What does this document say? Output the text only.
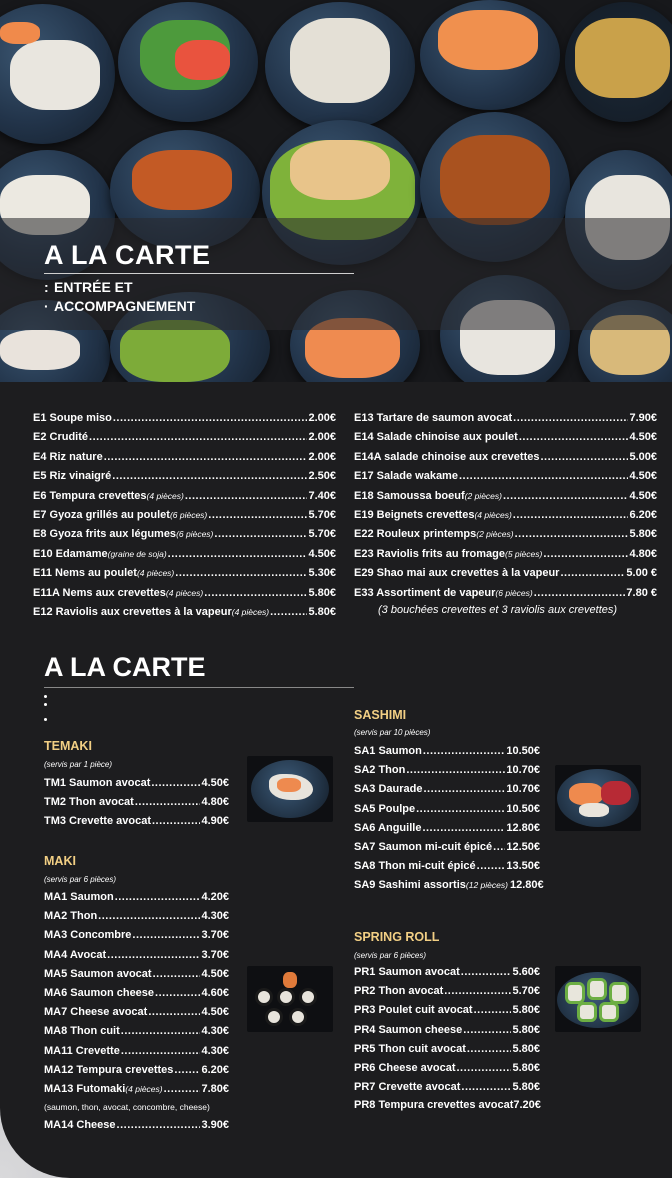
A LA CARTE
: ENTRÉE ET
· ACCOMPAGNEMENT
E1 Soupe miso .....	2.00€
E2 Crudité .....	2.00€
E4 Riz nature .....	2.00€
E5 Riz vinaigré .....	2.50€
E6 Tempura crevettes (4 pièces) .....	7.40€
E7 Gyoza grillés au poulet (6 pièces) .....	5.70€
E8 Gyoza frits aux légumes (6 pièces) .....	5.70€
E10 Edamame (graine de soja) .....	4.50€
E11 Nems au poulet (4 pièces) .....	5.30€
E11A Nems aux crevettes (4 pièces) .....	5.80€
E12 Raviolis aux crevettes à la vapeur (4 pièces) .....	5.80€
E13 Tartare de saumon avocat .....	7.90€
E14 Salade chinoise aux poulet .....	4.50€
E14A salade chinoise aux crevettes .....	5.00€
E17 Salade wakame .....	4.50€
E18 Samoussa boeuf (2 pièces) .....	4.50€
E19 Beignets crevettes (4 pièces) .....	6.20€
E22 Rouleux printemps (2 pièces) .....	5.80€
E23 Raviolis frits au fromage (5 pièces) .....	4.80€
E29 Shao mai aux crevettes à la vapeur .....	5.00 €
E33 Assortiment de vapeur (6 pièces) .....	7.80 €
(3 bouchées crevettes et 3 raviolis aux crevettes)
A LA CARTE
TEMAKI
(servis par 1 pièce)
TM1 Saumon avocat .....	4.50€
TM2 Thon avocat .....	4.80€
TM3 Crevette avocat .....	4.90€
MAKI
(servis par 6 pièces)
MA1 Saumon .....	4.20€
MA2 Thon .....	4.30€
MA3 Concombre .....	3.70€
MA4 Avocat .....	3.70€
MA5 Saumon avocat .....	4.50€
MA6 Saumon cheese .....	4.60€
MA7 Cheese avocat .....	4.50€
MA8 Thon cuit .....	4.30€
MA11 Crevette .....	4.30€
MA12 Tempura crevettes .....	6.20€
MA13 Futomaki (4 pièces) .....	7.80€
(saumon, thon, avocat, concombre, cheese)
MA14 Cheese .....	3.90€
SASHIMI
(servis par 10 pièces)
SA1 Saumon .....	10.50€
SA2 Thon .....	10.70€
SA3 Daurade .....	10.70€
SA5 Poulpe .....	10.50€
SA6 Anguille .....	12.80€
SA7 Saumon mi-cuit épicé ..... 12.50€
SA8 Thon mi-cuit épicé .....	13.50€
SA9 Sashimi assortis (12 pièces) 12.80€
SPRING ROLL
(servis par 6 pièces)
PR1 Saumon avocat .....	5.60€
PR2 Thon avocat .....	5.70€
PR3 Poulet cuit avocat .....	5.80€
PR4 Saumon cheese .....	5.80€
PR5 Thon cuit avocat .....	5.80€
PR6 Cheese avocat .....	5.80€
PR7 Crevette avocat .....	5.80€
PR8 Tempura crevettes avocat 7.20€
